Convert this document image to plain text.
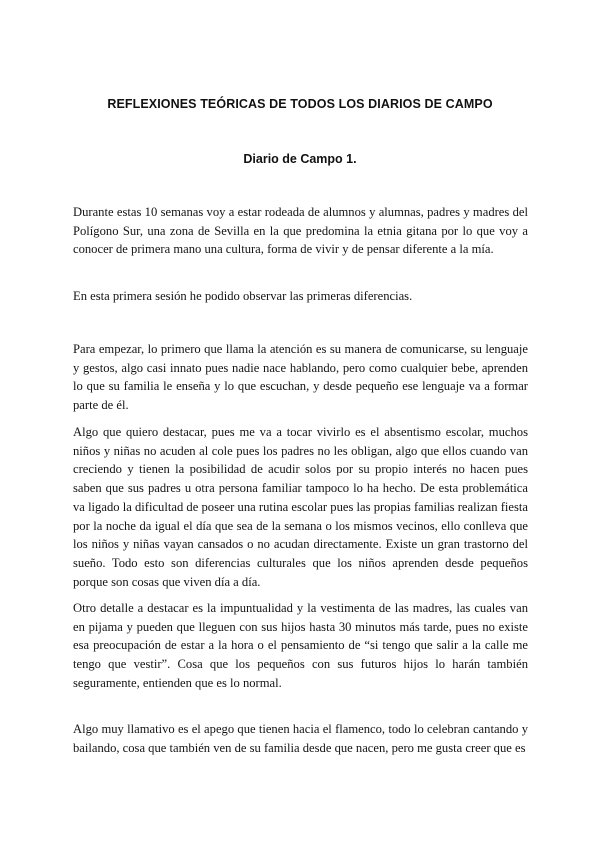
REFLEXIONES TEÓRICAS DE TODOS LOS DIARIOS DE CAMPO
Diario de Campo 1.

Durante estas 10 semanas voy a estar rodeada de alumnos y alumnas, padres y madres del Polígono Sur, una zona de Sevilla en la que predomina la etnia gitana por lo que voy a conocer de primera mano una cultura, forma de vivir y de pensar diferente a la mía.

En esta primera sesión he podido observar las primeras diferencias.

Para empezar, lo primero que llama la atención es su manera de comunicarse, su lenguaje y gestos, algo casi innato pues nadie nace hablando, pero como cualquier bebe, aprenden lo que su familia le enseña y lo que escuchan, y desde pequeño ese lenguaje va a formar parte de él.

Algo que quiero destacar, pues me va a tocar vivirlo es el absentismo escolar, muchos niños y niñas no acuden al cole pues los padres no les obligan, algo que ellos cuando van creciendo y tienen la posibilidad de acudir solos por su propio interés no hacen pues saben que sus padres u otra persona familiar tampoco lo ha hecho. De esta problemática va ligado la dificultad de poseer una rutina escolar pues las propias familias realizan fiesta por la noche da igual el día que sea de la semana o los mismos vecinos, ello conlleva que los niños y niñas vayan cansados o no acudan directamente. Existe un gran trastorno del sueño. Todo esto son diferencias culturales que los niños aprenden desde pequeños porque son cosas que viven día a día.

Otro detalle a destacar es la impuntualidad y la vestimenta de las madres, las cuales van en pijama y pueden que lleguen con sus hijos hasta 30 minutos más tarde, pues no existe esa preocupación de estar a la hora o el pensamiento de “si tengo que salir a la calle me tengo que vestir”. Cosa que los pequeños con sus futuros hijos lo harán también seguramente, entienden que es lo normal.

Algo muy llamativo es el apego que tienen hacia el flamenco, todo lo celebran cantando y bailando, cosa que también ven de su familia desde que nacen, pero me gusta creer que es
